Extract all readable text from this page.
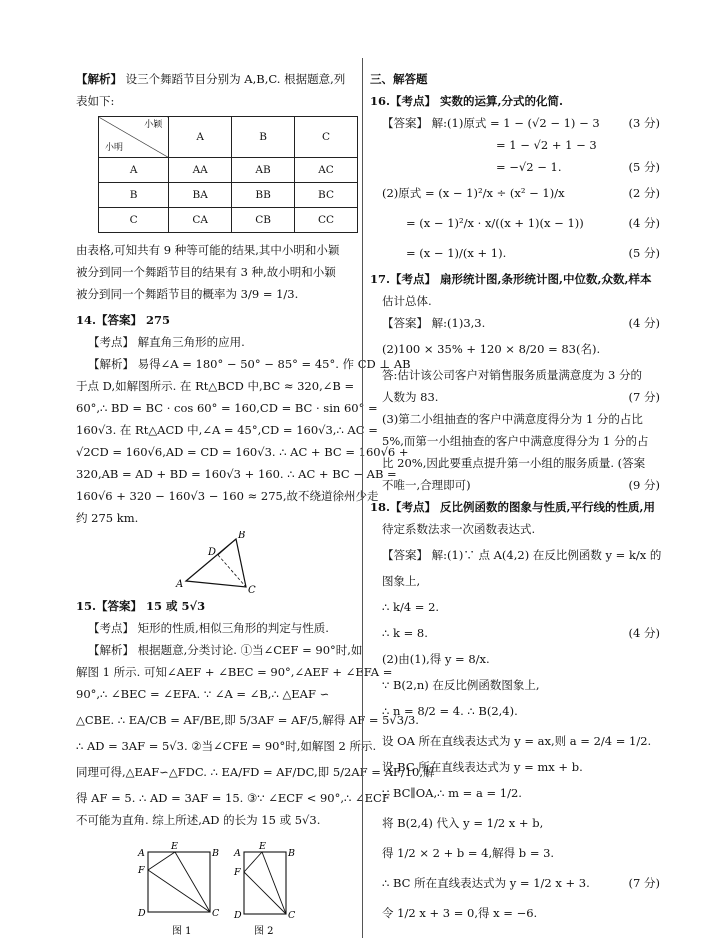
【解析】 设三个舞蹈节目分别为 A,B,C. 根据题意,列
表如下:
小颖
小明	A	B	C
A	AA	AB	AC
B	BA	BB	BC
C	CA	CB	CC
由表格,可知共有 9 种等可能的结果,其中小明和小颖
被分到同一个舞蹈节目的结果有 3 种,故小明和小颖
被分到同一个舞蹈节目的概率为 3/9 = 1/3.
14.【答案】 275
【考点】 解直角三角形的应用.
【解析】 易得∠A = 180° − 50° − 85° = 45°. 作 CD ⊥ AB
于点 D,如解图所示. 在 Rt△BCD 中,BC ≈ 320,∠B =
60°,∴ BD = BC · cos 60° = 160,CD = BC · sin 60° =
160√3. 在 Rt△ACD 中,∠A = 45°,CD = 160√3,∴ AC =
√2CD = 160√6,AD = CD = 160√3. ∴ AC + BC = 160√6 +
320,AB = AD + BD = 160√3 + 160. ∴ AC + BC − AB =
160√6 + 320 − 160√3 − 160 ≈ 275,故不绕道徐州少走
约 275 km.
A
B
C
D
15.【答案】 15 或 5√3
【考点】 矩形的性质,相似三角形的判定与性质.
【解析】 根据题意,分类讨论. ①当∠CEF = 90°时,如
解图 1 所示. 可知∠AEF + ∠BEC = 90°,∠AEF + ∠EFA =
90°,∴ ∠BEC = ∠EFA. ∵ ∠A = ∠B,∴ △EAF ∽
△CBE. ∴ EA/CB = AF/BE,即 5/3AF = AF/5,解得 AF = 5√3/3.
∴ AD = 3AF = 5√3. ②当∠CFE = 90°时,如解图 2 所示.
同理可得,△EAF∽△FDC. ∴ EA/FD = AF/DC,即 5/2AF = AF/10,解
得 AF = 5. ∴ AD = 3AF = 15. ③∵ ∠ECF < 90°,∴ ∠ECF
不可能为直角. 综上所述,AD 的长为 15 或 5√3.
A
E
B
F
D	C
图 1
A
E
B
F
D	C
图 2
三、解答题
16.【考点】 实数的运算,分式的化简.
【答案】 解:(1)原式 = 1 − (√2 − 1) − 3	(3 分)
= 1 − √2 + 1 − 3
= −√2 − 1.	(5 分)
(2)原式 = (x − 1)²/x ÷ (x² − 1)/x	(2 分)
= (x − 1)²/x · x/((x + 1)(x − 1))	(4 分)
= (x − 1)/(x + 1).	(5 分)
17.【考点】 扇形统计图,条形统计图,中位数,众数,样本
估计总体.
【答案】 解:(1)3,3.	(4 分)
(2)100 × 35% + 120 × 8/20 = 83(名).
答:估计该公司客户对销售服务质量满意度为 3 分的
人数为 83.	(7 分)
(3)第二小组抽查的客户中满意度得分为 1 分的占比
5%,而第一小组抽查的客户中满意度得分为 1 分的占
比 20%,因此要重点提升第一小组的服务质量. (答案
不唯一,合理即可)	(9 分)
18.【考点】 反比例函数的图象与性质,平行线的性质,用
待定系数法求一次函数表达式.
【答案】 解:(1)∵ 点 A(4,2) 在反比例函数 y = k/x 的
图象上,
∴ k/4 = 2.
∴ k = 8.	(4 分)
(2)由(1),得 y = 8/x.
∵ B(2,n) 在反比例函数图象上,
∴ n = 8/2 = 4. ∴ B(2,4).
设 OA 所在直线表达式为 y = ax,则 a = 2/4 = 1/2.
设 BC 所在直线表达式为 y = mx + b.
∵ BC∥OA,∴ m = a = 1/2.
将 B(2,4) 代入 y = 1/2 x + b,
得 1/2 × 2 + b = 4,解得 b = 3.
∴ BC 所在直线表达式为 y = 1/2 x + 3.	(7 分)
令 1/2 x + 3 = 0,得 x = −6.
